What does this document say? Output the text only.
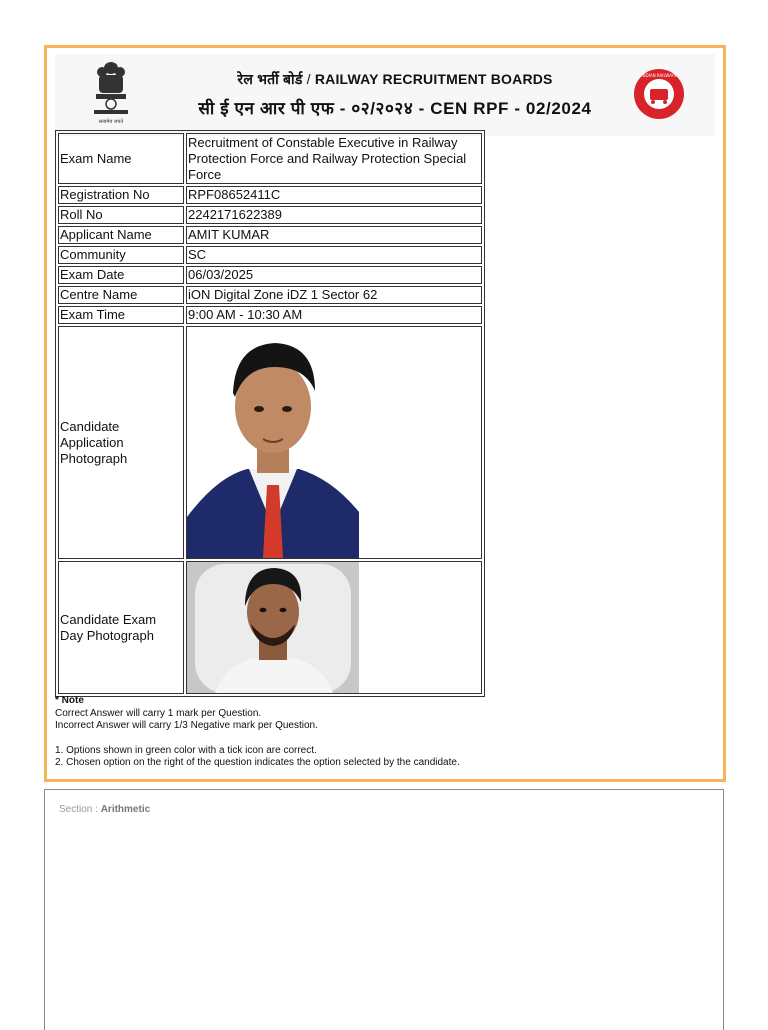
सत्यमेव जयते
रेल भर्ती बोर्ड / RAILWAY RECRUITMENT BOARDS
सी ई एन आर पी एफ - ०२/२०२४ - CEN RPF - 02/2024
INDIAN RAILWAYS
Exam Name	Recruitment of Constable Executive in Railway Protection Force and Railway Protection Special Force
Registration No	RPF08652411C
Roll No	2242171622389
Applicant Name	AMIT KUMAR
Community	SC
Exam Date	06/03/2025
Centre Name	iON Digital Zone iDZ 1 Sector 62
Exam Time	9:00 AM - 10:30 AM
Candidate Application Photograph	

Candidate Exam Day Photograph	
* Note
Correct Answer will carry 1 mark per Question.
Incorrect Answer will carry 1/3 Negative mark per Question.
1. Options shown in green color with a tick icon are correct.
2. Chosen option on the right of the question indicates the option selected by the candidate.
Section : Arithmetic
